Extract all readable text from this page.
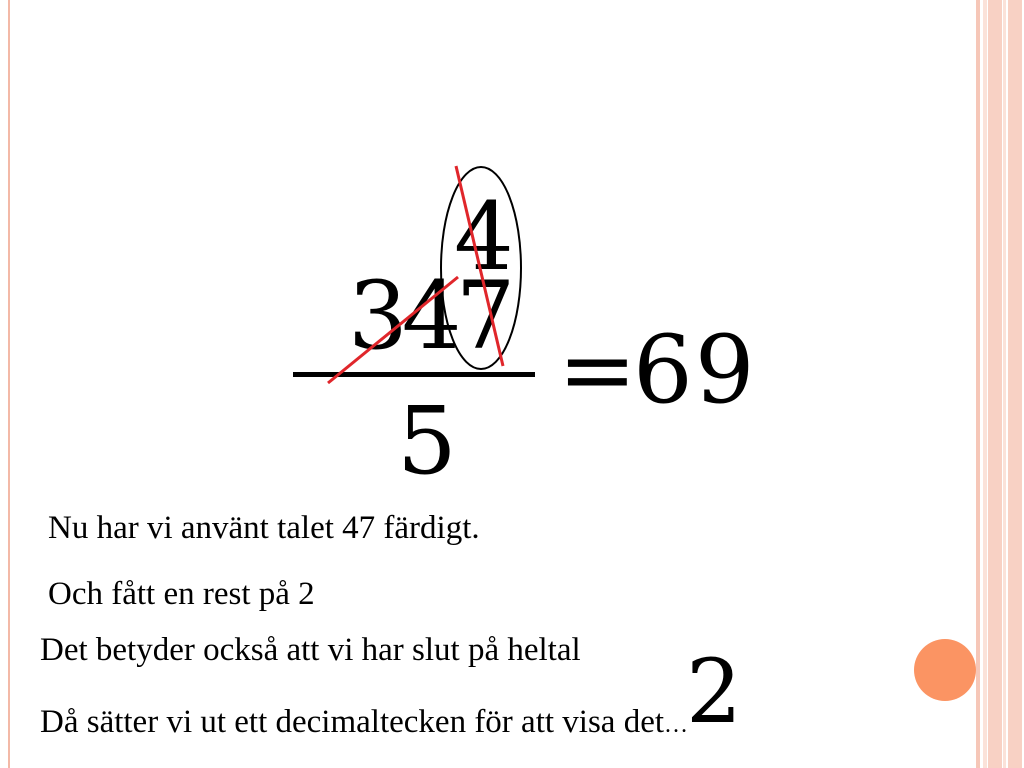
4
347
5
=
69
Nu har vi använt talet 47 färdigt.
Och fått en rest på 2
Det betyder också att vi har slut på heltal
Då sätter vi ut ett decimaltecken för att visa det…
2
